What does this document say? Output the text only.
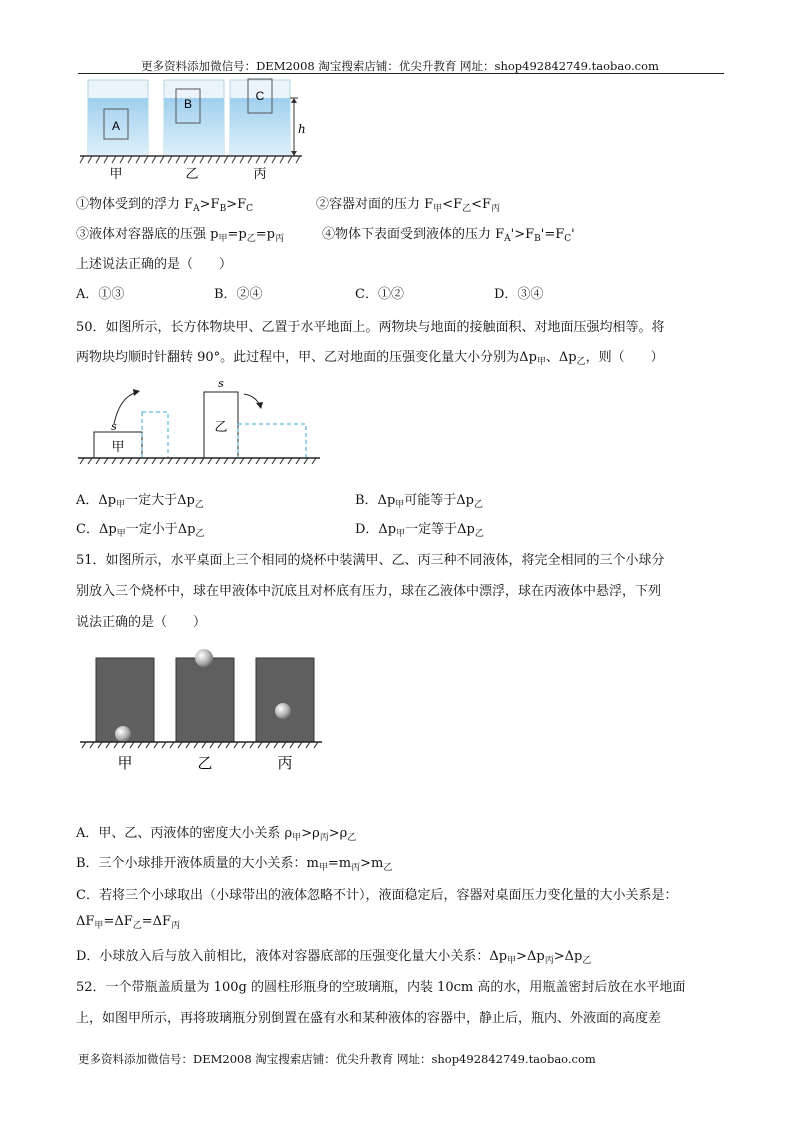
更多资料添加微信号：DEM2008 淘宝搜索店铺：优尖升教育 网址：shop492842749.taobao.com
A
B
C
h
甲	乙	丙
①物体受到的浮力 $F_A>F_B>F_C$	②容器对面的压力 $F_甲<F_乙<F_丙$
③液体对容器底的压强 $p_甲=p_乙=p_丙$	④物体下表面受到液体的压力 $F_A'>F_B'=F_C'$
上述说法正确的是（　　）
A．①③	B．②④	C．①②	D．③④
50．如图所示，长方体物块甲、乙置于水平地面上。两物块与地面的接触面积、对地面压强均相等。将
两物块均顺时针翻转 90°。此过程中，甲、乙对地面的压强变化量大小分别为$\Delta p_甲$、$\Delta p_乙$，则（　　）
甲
s	乙
s
A．$\Delta p_甲$一定大于$\Delta p_乙$	B．$\Delta p_甲$可能等于$\Delta p_乙$
C．$\Delta p_甲$一定小于$\Delta p_乙$	D．$\Delta p_甲$一定等于$\Delta p_乙$
51．如图所示，水平桌面上三个相同的烧杯中装满甲、乙、丙三种不同液体，将完全相同的三个小球分
别放入三个烧杯中，球在甲液体中沉底且对杯底有压力，球在乙液体中漂浮，球在丙液体中悬浮，下列
说法正确的是（　　）
甲	乙	丙
A．甲、乙、丙液体的密度大小关系 $\rho_甲>\rho_丙>\rho_乙$
B．三个小球排开液体质量的大小关系：$m_甲=m_丙>m_乙$
C．若将三个小球取出（小球带出的液体忽略不计），液面稳定后，容器对桌面压力变化量的大小关系是：
$\Delta F_甲=\Delta F_乙=\Delta F_丙$
D．小球放入后与放入前相比，液体对容器底部的压强变化量大小关系：$\Delta p_甲>\Delta p_丙>\Delta p_乙$
52．一个带瓶盖质量为 100g 的圆柱形瓶身的空玻璃瓶，内装 10cm 高的水，用瓶盖密封后放在水平地面
上，如图甲所示，再将玻璃瓶分别倒置在盛有水和某种液体的容器中，静止后，瓶内、外液面的高度差
更多资料添加微信号：DEM2008 淘宝搜索店铺：优尖升教育 网址：shop492842749.taobao.com
